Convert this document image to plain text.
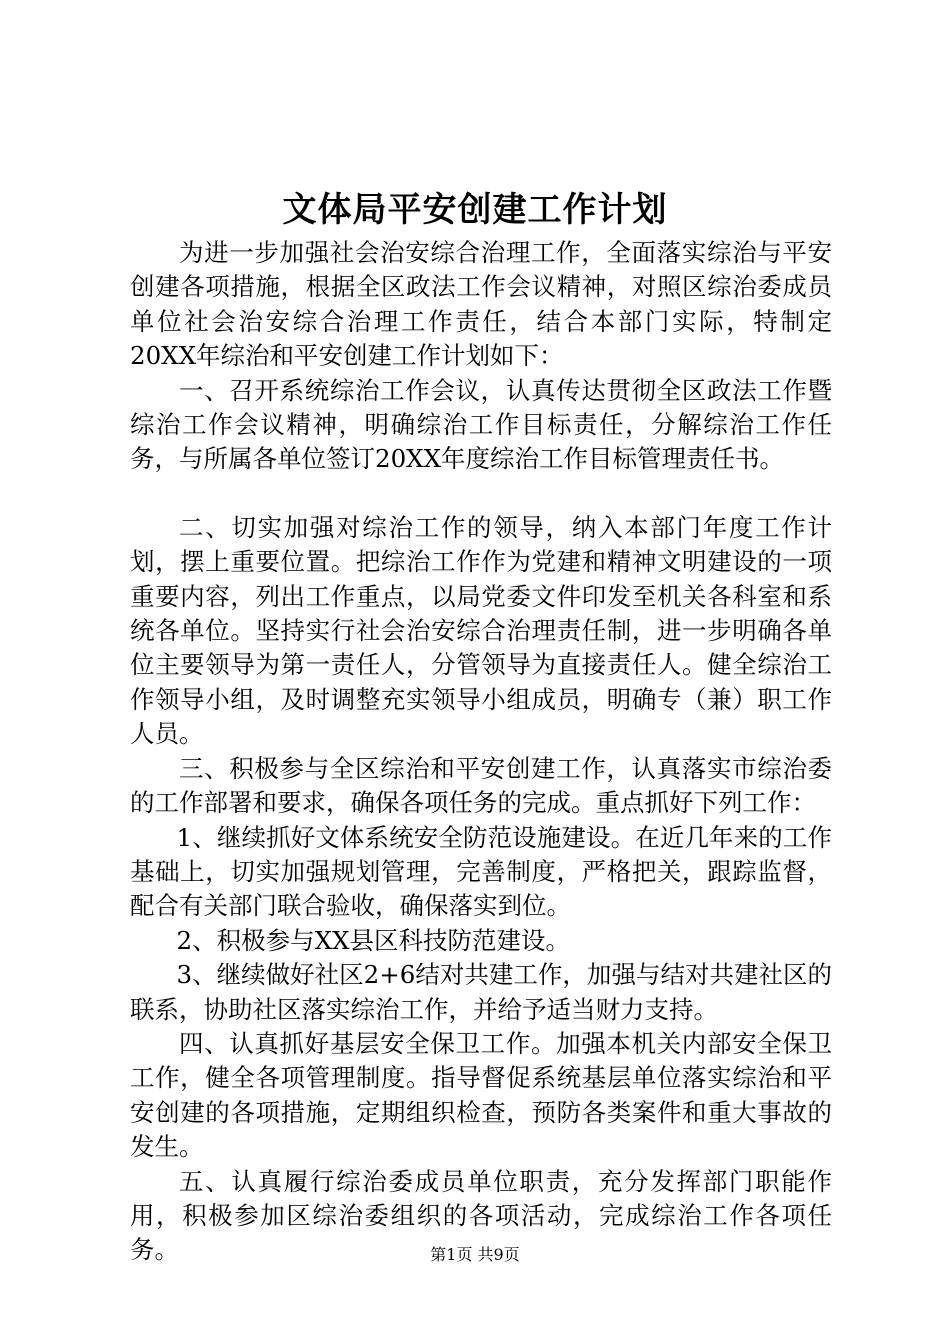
文体局平安创建工作计划

为进一步加强社会治安综合治理工作，全面落实综治与平安创建各项措施，根据全区政法工作会议精神，对照区综治委成员单位社会治安综合治理工作责任，结合本部门实际，特制定20XX年综治和平安创建工作计划如下：

一、召开系统综治工作会议，认真传达贯彻全区政法工作暨综治工作会议精神，明确综治工作目标责任，分解综治工作任务，与所属各单位签订20XX年度综治工作目标管理责任书。

二、切实加强对综治工作的领导，纳入本部门年度工作计划，摆上重要位置。把综治工作作为党建和精神文明建设的一项重要内容，列出工作重点，以局党委文件印发至机关各科室和系统各单位。坚持实行社会治安综合治理责任制，进一步明确各单位主要领导为第一责任人，分管领导为直接责任人。健全综治工作领导小组，及时调整充实领导小组成员，明确专（兼）职工作人员。

三、积极参与全区综治和平安创建工作，认真落实市综治委的工作部署和要求，确保各项任务的完成。重点抓好下列工作：

1、继续抓好文体系统安全防范设施建设。在近几年来的工作基础上，切实加强规划管理，完善制度，严格把关，跟踪监督，配合有关部门联合验收，确保落实到位。

2、积极参与XX县区科技防范建设。

3、继续做好社区2+6结对共建工作，加强与结对共建社区的联系，协助社区落实综治工作，并给予适当财力支持。

四、认真抓好基层安全保卫工作。加强本机关内部安全保卫工作，健全各项管理制度。指导督促系统基层单位落实综治和平安创建的各项措施，定期组织检查，预防各类案件和重大事故的发生。

五、认真履行综治委成员单位职责，充分发挥部门职能作用，积极参加区综治委组织的各项活动，完成综治工作各项任务。	第1页 共9页
